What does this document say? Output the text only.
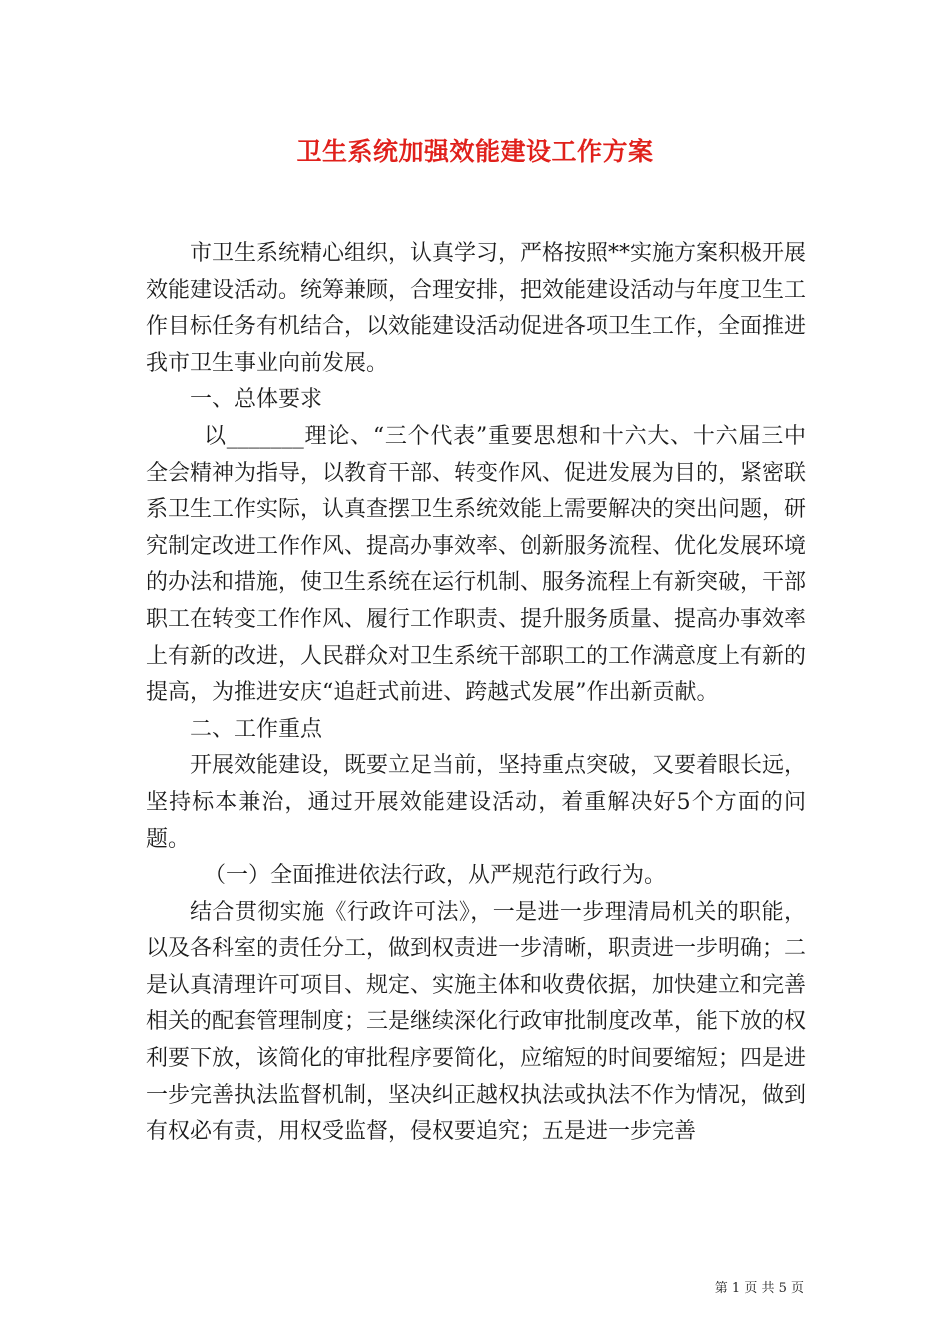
卫生系统加强效能建设工作方案

市卫生系统精心组织，认真学习，严格按照**实施方案积极开展效能建设活动。统筹兼顾，合理安排，把效能建设活动与年度卫生工作目标任务有机结合，以效能建设活动促进各项卫生工作，全面推进我市卫生事业向前发展。

一、总体要求

以_______理论、“三个代表”重要思想和十六大、十六届三中全会精神为指导，以教育干部、转变作风、促进发展为目的，紧密联系卫生工作实际，认真查摆卫生系统效能上需要解决的突出问题，研究制定改进工作作风、提高办事效率、创新服务流程、优化发展环境的办法和措施，使卫生系统在运行机制、服务流程上有新突破，干部职工在转变工作作风、履行工作职责、提升服务质量、提高办事效率上有新的改进，人民群众对卫生系统干部职工的工作满意度上有新的提高，为推进安庆“追赶式前进、跨越式发展”作出新贡献。

二、工作重点

开展效能建设，既要立足当前，坚持重点突破，又要着眼长远，坚持标本兼治，通过开展效能建设活动，着重解决好5个方面的问题。

（一）全面推进依法行政，从严规范行政行为。

结合贯彻实施《行政许可法》，一是进一步理清局机关的职能，以及各科室的责任分工，做到权责进一步清晰，职责进一步明确；二是认真清理许可项目、规定、实施主体和收费依据，加快建立和完善相关的配套管理制度；三是继续深化行政审批制度改革，能下放的权利要下放，该简化的审批程序要简化，应缩短的时间要缩短；四是进一步完善执法监督机制，坚决纠正越权执法或执法不作为情况，做到有权必有责，用权受监督，侵权要追究；五是进一步完善

第 1 页 共 5 页
